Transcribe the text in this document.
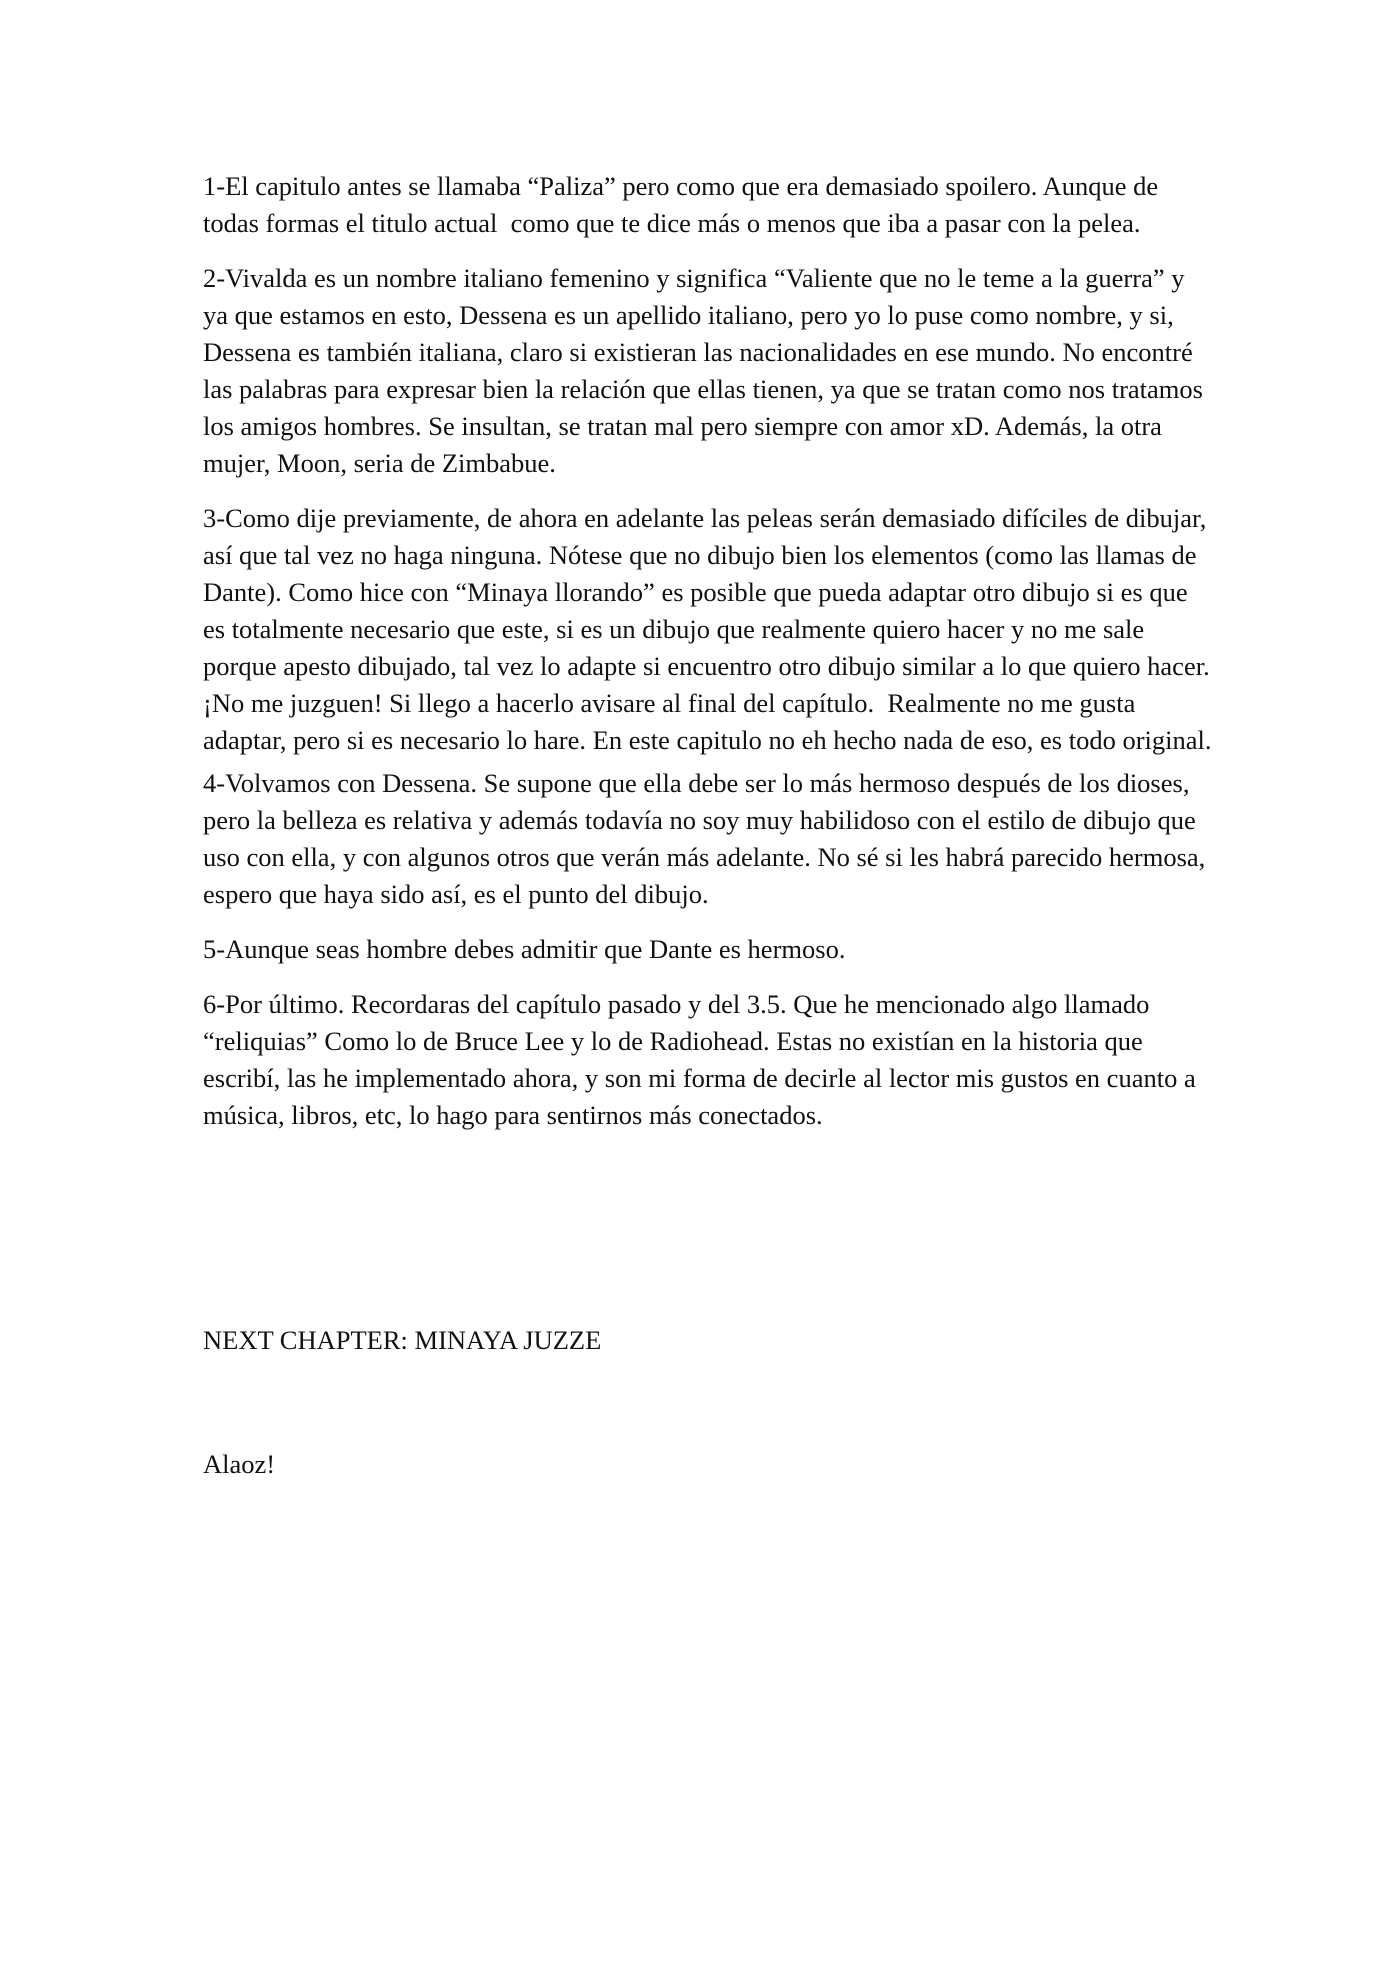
1-El capitulo antes se llamaba “Paliza” pero como que era demasiado spoilero. Aunque de todas formas el titulo actual  como que te dice más o menos que iba a pasar con la pelea.

2-Vivalda es un nombre italiano femenino y significa “Valiente que no le teme a la guerra” y ya que estamos en esto, Dessena es un apellido italiano, pero yo lo puse como nombre, y si, Dessena es también italiana, claro si existieran las nacionalidades en ese mundo. No encontré las palabras para expresar bien la relación que ellas tienen, ya que se tratan como nos tratamos los amigos hombres. Se insultan, se tratan mal pero siempre con amor xD. Además, la otra mujer, Moon, seria de Zimbabue.

3-Como dije previamente, de ahora en adelante las peleas serán demasiado difíciles de dibujar, así que tal vez no haga ninguna. Nótese que no dibujo bien los elementos (como las llamas de Dante). Como hice con “Minaya llorando” es posible que pueda adaptar otro dibujo si es que es totalmente necesario que este, si es un dibujo que realmente quiero hacer y no me sale porque apesto dibujado, tal vez lo adapte si encuentro otro dibujo similar a lo que quiero hacer. ¡No me juzguen! Si llego a hacerlo avisare al final del capítulo.  Realmente no me gusta adaptar, pero si es necesario lo hare. En este capitulo no eh hecho nada de eso, es todo original.

4-Volvamos con Dessena. Se supone que ella debe ser lo más hermoso después de los dioses, pero la belleza es relativa y además todavía no soy muy habilidoso con el estilo de dibujo que uso con ella, y con algunos otros que verán más adelante. No sé si les habrá parecido hermosa, espero que haya sido así, es el punto del dibujo.

5-Aunque seas hombre debes admitir que Dante es hermoso.

6-Por último. Recordaras del capítulo pasado y del 3.5. Que he mencionado algo llamado “reliquias” Como lo de Bruce Lee y lo de Radiohead. Estas no existían en la historia que escribí, las he implementado ahora, y son mi forma de decirle al lector mis gustos en cuanto a música, libros, etc, lo hago para sentirnos más conectados.

NEXT CHAPTER: MINAYA JUZZE

Alaoz!
